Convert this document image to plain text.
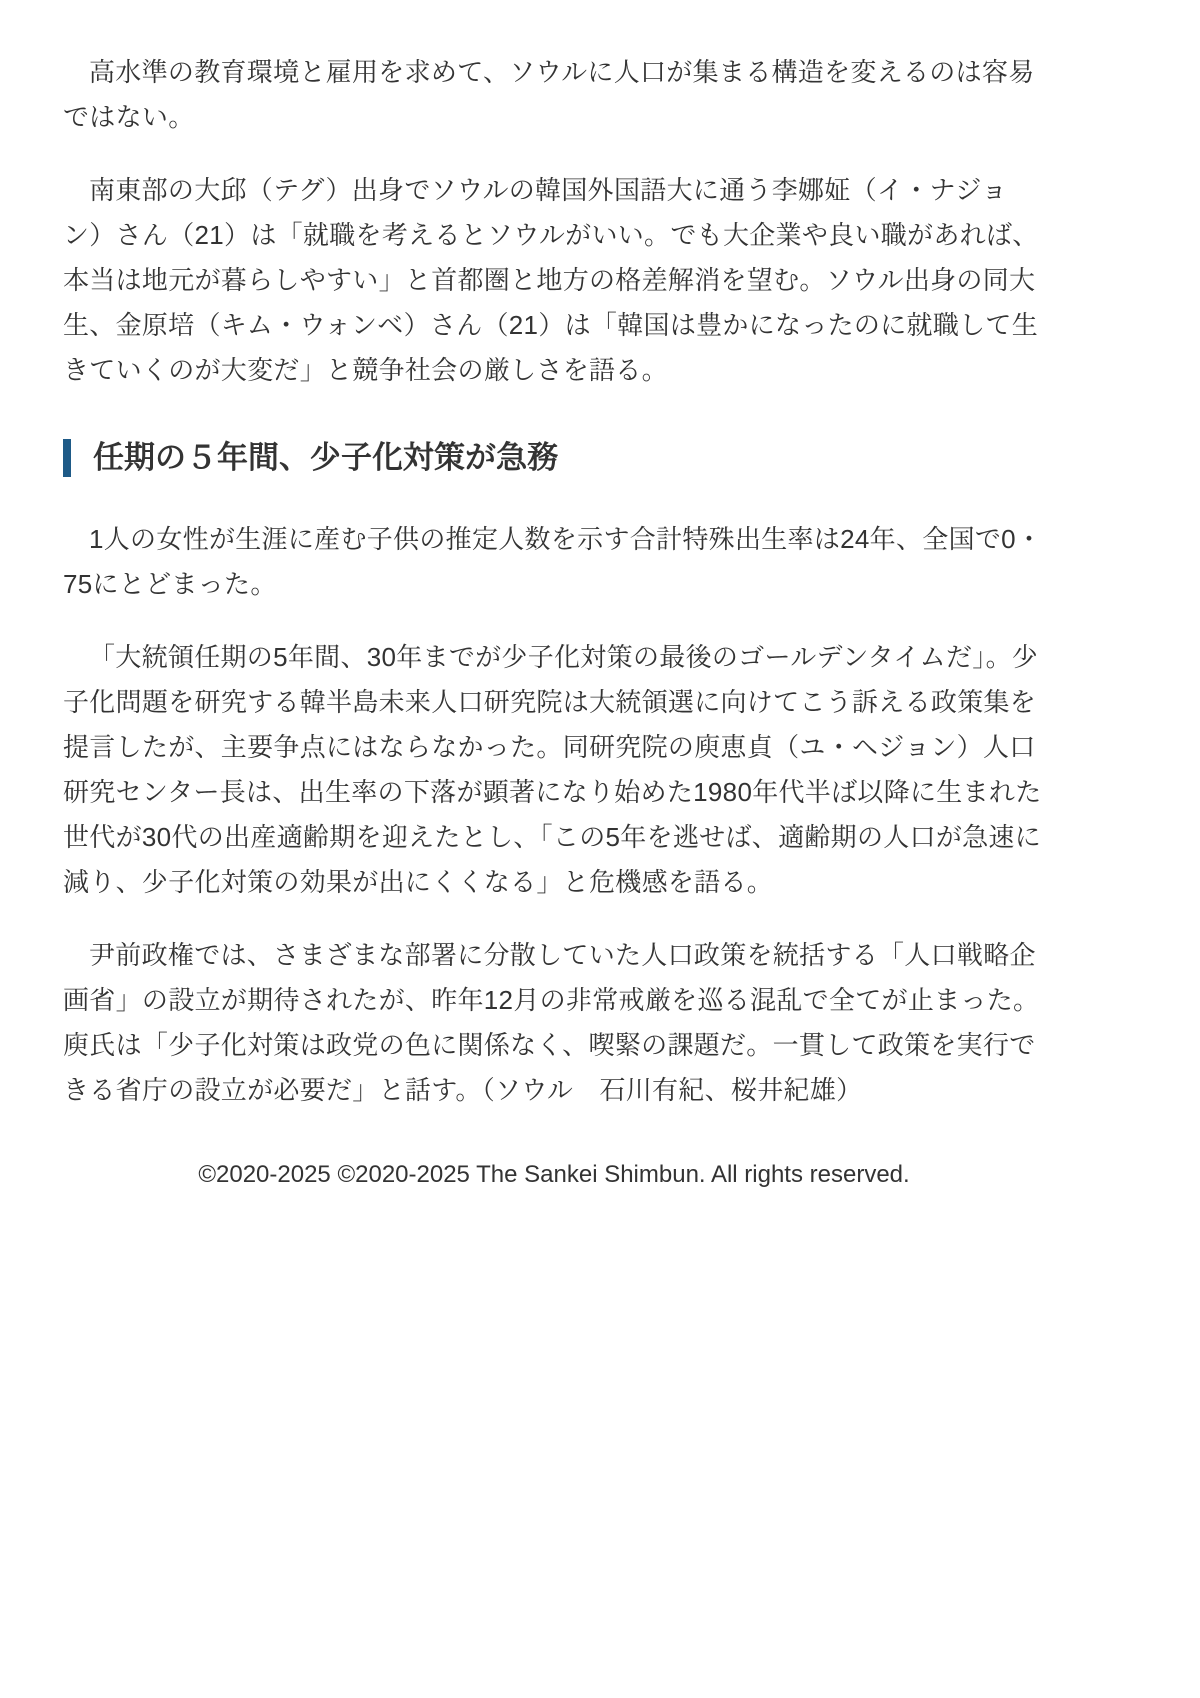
高水準の教育環境と雇用を求めて、ソウルに人口が集まる構造を変えるのは容易ではない。

南東部の大邱（テグ）出身でソウルの韓国外国語大に通う李娜姃（イ・ナジョン）さん（21）は「就職を考えるとソウルがいい。でも大企業や良い職があれば、本当は地元が暮らしやすい」と首都圏と地方の格差解消を望む。ソウル出身の同大生、金原培（キム・ウォンベ）さん（21）は「韓国は豊かになったのに就職して生きていくのが大変だ」と競争社会の厳しさを語る。

任期の５年間、少子化対策が急務

1人の女性が生涯に産む子供の推定人数を示す合計特殊出生率は24年、全国で0・75にとどまった。

「大統領任期の5年間、30年までが少子化対策の最後のゴールデンタイムだ」。少子化問題を研究する韓半島未来人口研究院は大統領選に向けてこう訴える政策集を提言したが、主要争点にはならなかった。同研究院の庾恵貞（ユ・ヘジョン）人口研究センター長は、出生率の下落が顕著になり始めた1980年代半ば以降に生まれた世代が30代の出産適齢期を迎えたとし、「この5年を逃せば、適齢期の人口が急速に減り、少子化対策の効果が出にくくなる」と危機感を語る。

尹前政権では、さまざまな部署に分散していた人口政策を統括する「人口戦略企画省」の設立が期待されたが、昨年12月の非常戒厳を巡る混乱で全てが止まった。庾氏は「少子化対策は政党の色に関係なく、喫緊の課題だ。一貫して政策を実行できる省庁の設立が必要だ」と話す。（ソウル　石川有紀、桜井紀雄）

©2020-2025 ©2020-2025 The Sankei Shimbun. All rights reserved.
